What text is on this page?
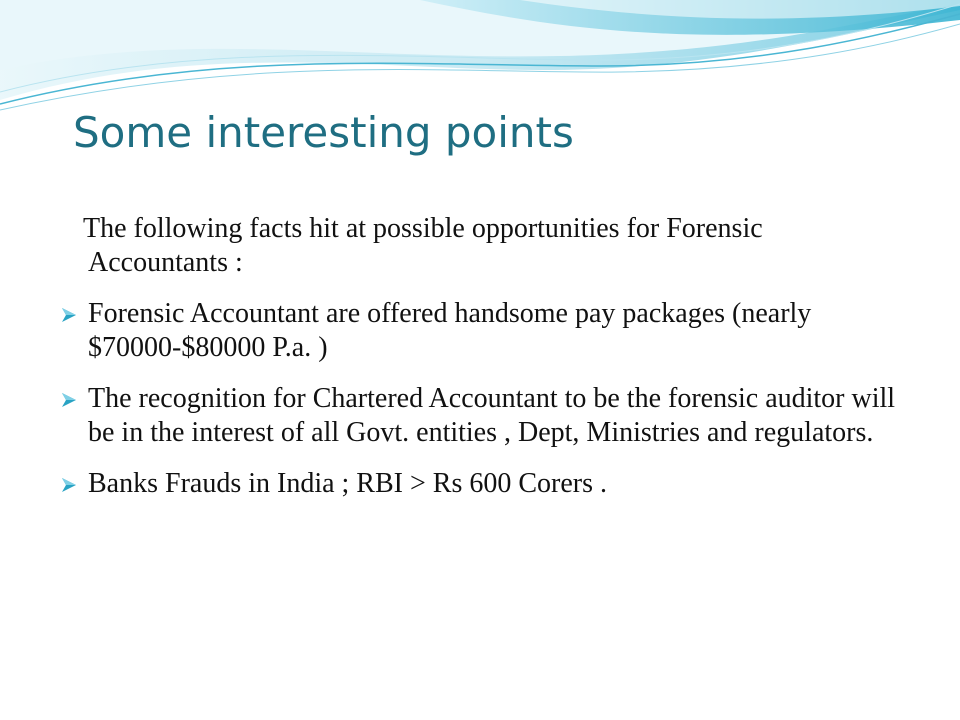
Some interesting points

The following facts hit at possible opportunities for Forensic Accountants :

Forensic Accountant are offered handsome pay packages (nearly $70000-$80000 P.a. )
The recognition for Chartered Accountant to be the forensic auditor will be in the interest of all Govt. entities , Dept, Ministries and regulators.
Banks Frauds in India ; RBI > Rs 600 Corers .
